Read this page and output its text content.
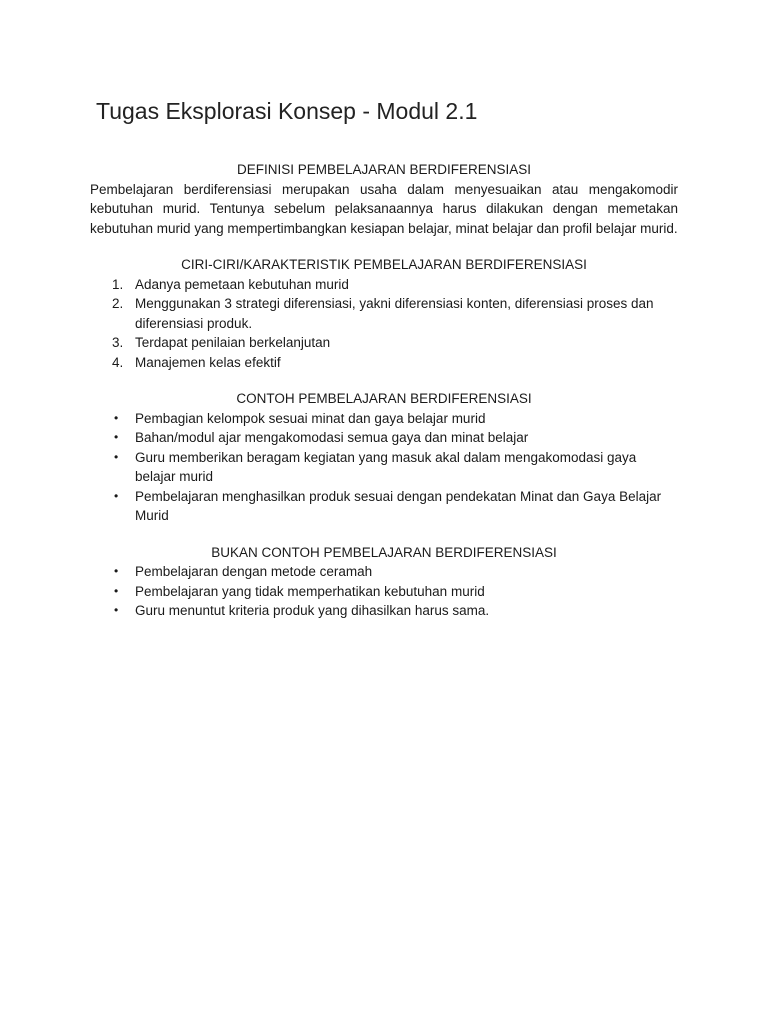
Tugas Eksplorasi Konsep - Modul 2.1
DEFINISI PEMBELAJARAN BERDIFERENSIASI

Pembelajaran berdiferensiasi merupakan usaha dalam menyesuaikan atau mengakomodir kebutuhan murid. Tentunya sebelum pelaksanaannya harus dilakukan dengan memetakan kebutuhan murid yang mempertimbangkan kesiapan belajar, minat belajar dan profil belajar murid.

CIRI-CIRI/KARAKTERISTIK PEMBELAJARAN BERDIFERENSIASI
1. Adanya pemetaan kebutuhan murid
2. Menggunakan 3 strategi diferensiasi, yakni diferensiasi konten, diferensiasi proses dan diferensiasi produk.
3. Terdapat penilaian berkelanjutan
4. Manajemen kelas efektif
CONTOH PEMBELAJARAN BERDIFERENSIASI
• Pembagian kelompok sesuai minat dan gaya belajar murid
• Bahan/modul ajar mengakomodasi semua gaya dan minat belajar
• Guru memberikan beragam kegiatan yang masuk akal dalam mengakomodasi gaya belajar murid
• Pembelajaran menghasilkan produk sesuai dengan pendekatan Minat dan Gaya Belajar Murid
BUKAN CONTOH PEMBELAJARAN BERDIFERENSIASI
• Pembelajaran dengan metode ceramah
• Pembelajaran yang tidak memperhatikan kebutuhan murid
• Guru menuntut kriteria produk yang dihasilkan harus sama.
